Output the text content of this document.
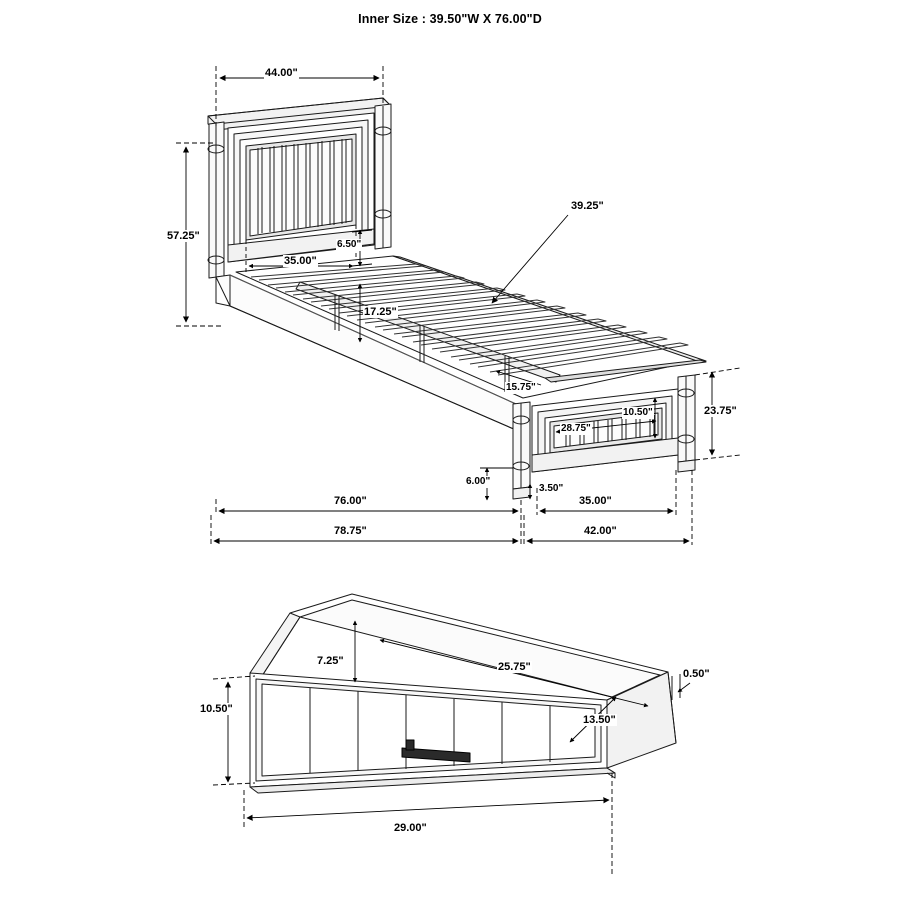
Inner Size : 39.50"W X 76.00"D
44.00"
57.25"
35.00"
6.50"
39.25"
17.25"
15.75"
10.50"
28.75"
23.75"
6.00"
3.50"
35.00"
76.00"
78.75"	42.00"
7.25"	25.75"
0.50"
10.50"
13.50"
29.00"
